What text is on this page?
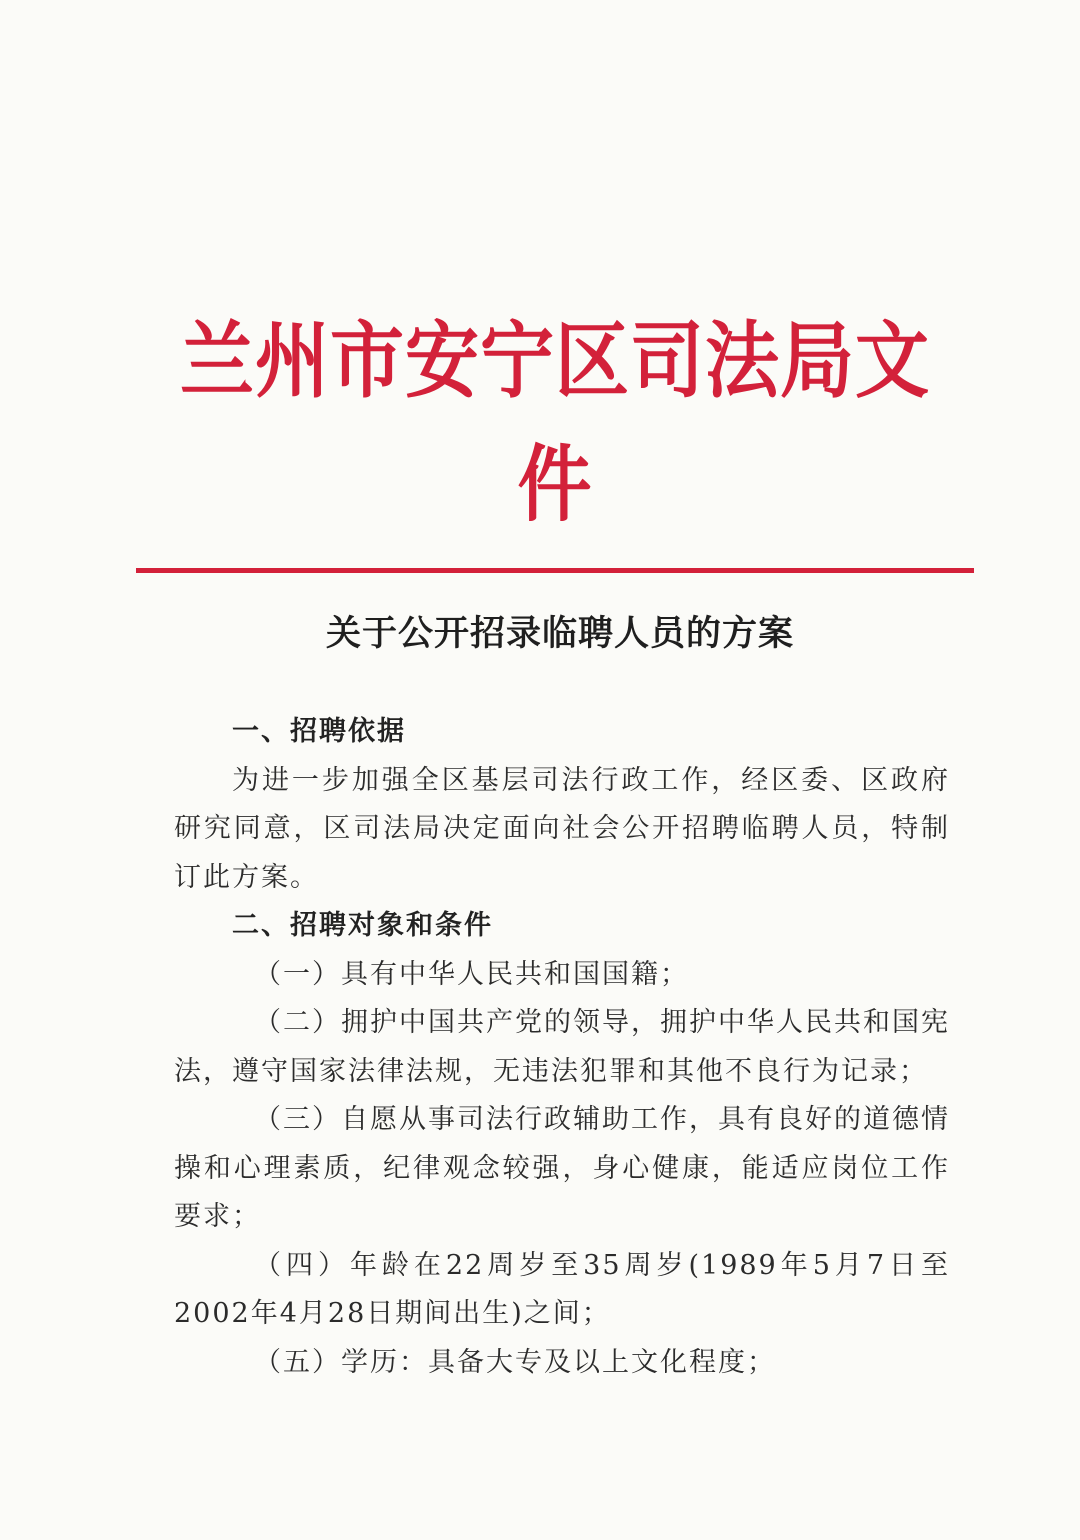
兰州市安宁区司法局文件
关于公开招录临聘人员的方案

一、招聘依据

为进一步加强全区基层司法行政工作，经区委、区政府研究同意，区司法局决定面向社会公开招聘临聘人员，特制订此方案。

二、招聘对象和条件

（一）具有中华人民共和国国籍；

（二）拥护中国共产党的领导，拥护中华人民共和国宪法，遵守国家法律法规，无违法犯罪和其他不良行为记录；

（三）自愿从事司法行政辅助工作，具有良好的道德情操和心理素质，纪律观念较强，身心健康，能适应岗位工作要求；

（四）年龄在22周岁至35周岁(1989年5月7日至2002年4月28日期间出生)之间；

（五）学历：具备大专及以上文化程度；
